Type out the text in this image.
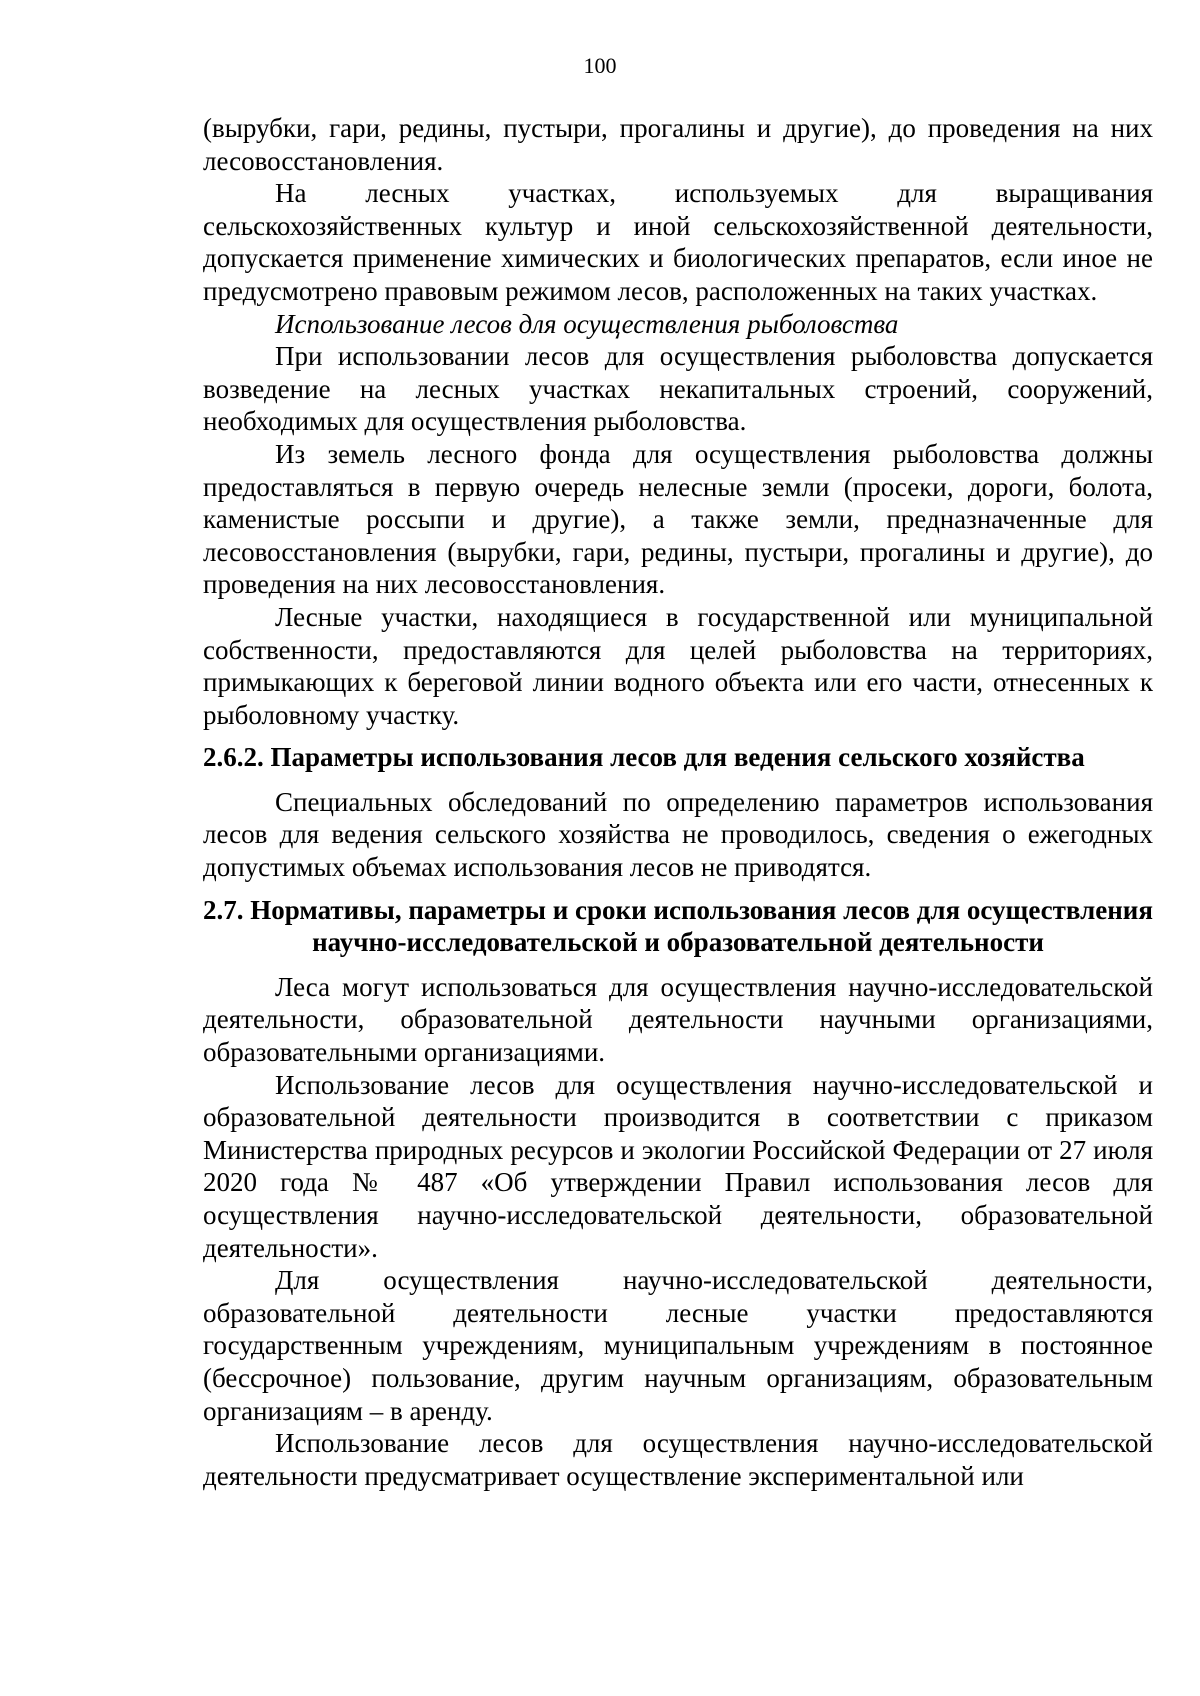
100

(вырубки, гари, редины, пустыри, прогалины и другие), до проведения на них лесовосстановления.

На лесных участках, используемых для выращивания сельскохозяйственных культур и иной сельскохозяйственной деятельности, допускается применение химических и биологических препаратов, если иное не предусмотрено правовым режимом лесов, расположенных на таких участках.

Использование лесов для осуществления рыболовства

При использовании лесов для осуществления рыболовства допускается возведение на лесных участках некапитальных строений, сооружений, необходимых для осуществления рыболовства.

Из земель лесного фонда для осуществления рыболовства должны предоставляться в первую очередь нелесные земли (просеки, дороги, болота, каменистые россыпи и другие), а также земли, предназначенные для лесовосстановления (вырубки, гари, редины, пустыри, прогалины и другие), до проведения на них лесовосстановления.

Лесные участки, находящиеся в государственной или муниципальной собственности, предоставляются для целей рыболовства на территориях, примыкающих к береговой линии водного объекта или его части, отнесенных к рыболовному участку.

2.6.2. Параметры использования лесов для ведения сельского хозяйства

Специальных обследований по определению параметров использования лесов для ведения сельского хозяйства не проводилось, сведения о ежегодных допустимых объемах использования лесов не приводятся.

2.7. Нормативы, параметры и сроки использования лесов для осуществления научно-исследовательской и образовательной деятельности

Леса могут использоваться для осуществления научно-исследовательской деятельности, образовательной деятельности научными организациями, образовательными организациями.

Использование лесов для осуществления научно-исследовательской и образовательной деятельности производится в соответствии с приказом Министерства природных ресурсов и экологии Российской Федерации от 27 июля 2020 года № 487 «Об утверждении Правил использования лесов для осуществления научно-исследовательской деятельности, образовательной деятельности».

Для осуществления научно-исследовательской деятельности, образовательной деятельности лесные участки предоставляются государственным учреждениям, муниципальным учреждениям в постоянное (бессрочное) пользование, другим научным организациям, образовательным организациям – в аренду.

Использование лесов для осуществления научно-исследовательской деятельности предусматривает осуществление экспериментальной или
